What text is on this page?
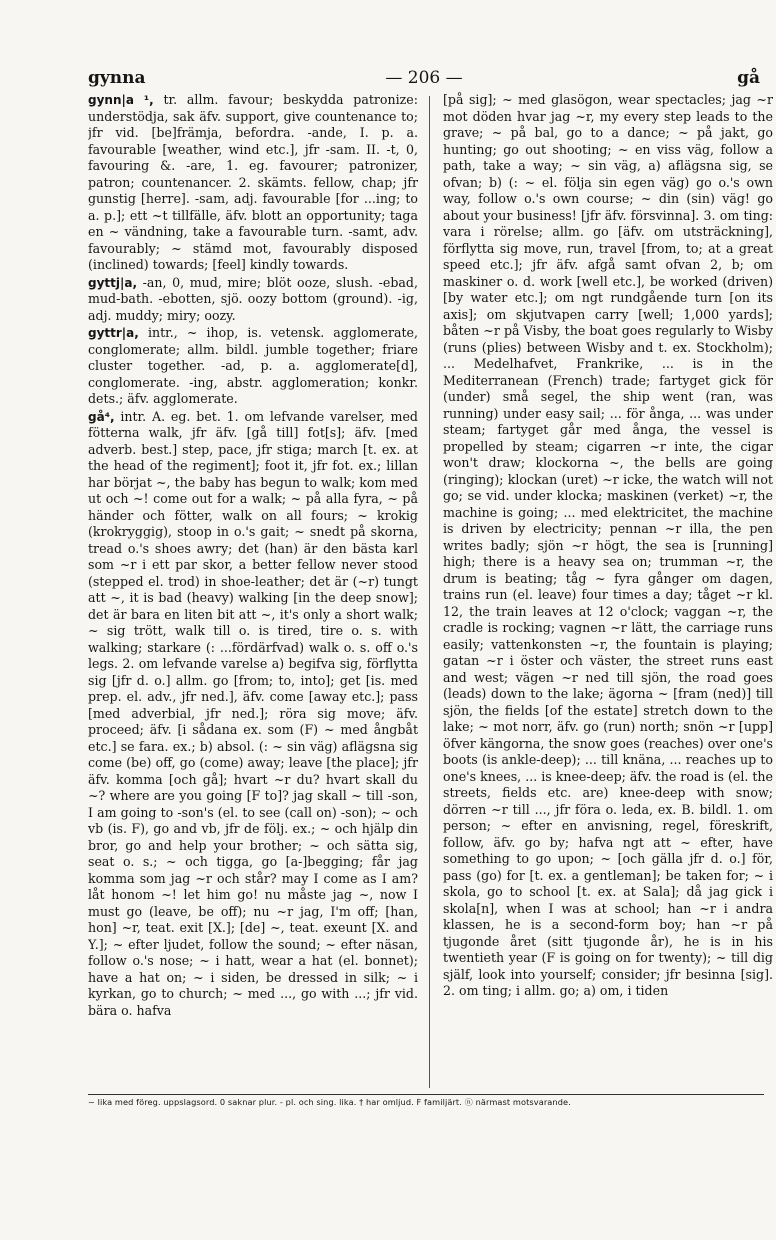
gynna	— 206 —	gå

gynn|a ¹, tr. allm. favour; beskydda patronize: understödja, sak äfv. support, give countenance to; jfr vid. [be]främja, befordra. -ande, I. p. a. favourable [weather, wind etc.], jfr -sam. II. -t, 0, favouring &. -are, 1. eg. favourer; patronizer, patron; countenancer. 2. skämts. fellow, chap; jfr gunstig [herre]. -sam, adj. favourable [for ...ing; to a. p.]; ett ~t tillfälle, äfv. blott an opportunity; taga en ~ vändning, take a favourable turn. -samt, adv. favourably; ~ stämd mot, favourably disposed (inclined) towards; [feel] kindly towards.

gyttj|a, -an, 0, mud, mire; blöt ooze, slush. -ebad, mud-bath. -ebotten, sjö. oozy bottom (ground). -ig, adj. muddy; miry; oozy.

gyttr|a, intr., ~ ihop, is. vetensk. agglomerate, conglomerate; allm. bildl. jumble together; friare cluster together. -ad, p. a. agglomerate[d], conglomerate. -ing, abstr. agglomeration; konkr. dets.; äfv. agglomerate.

gå⁴, intr. A. eg. bet. 1. om lefvande varelser, med fötterna walk, jfr äfv. [gå till] fot[s]; äfv. [med adverb. best.] step, pace, jfr stiga; march [t. ex. at the head of the regiment]; foot it, jfr fot. ex.; lillan har börjat ~, the baby has begun to walk; kom med ut och ~! come out for a walk; ~ på alla fyra, ~ på händer och fötter, walk on all fours; ~ krokig (krokryggig), stoop in o.'s gait; ~ snedt på skorna, tread o.'s shoes awry; det (han) är den bästa karl som ~r i ett par skor, a better fellow never stood (stepped el. trod) in shoe-leather; det är (~r) tungt att ~, it is bad (heavy) walking [in the deep snow]; det är bara en liten bit att ~, it's only a short walk; ~ sig trött, walk till o. is tired, tire o. s. with walking; starkare (: ...fördärfvad) walk o. s. off o.'s legs. 2. om lefvande varelse a) begifva sig, förflytta sig [jfr d. o.] allm. go [from; to, into]; get [is. med prep. el. adv., jfr ned.], äfv. come [away etc.]; pass [med adverbial, jfr ned.]; röra sig move; äfv. proceed; äfv. [i sådana ex. som (F) ~ med ångbåt etc.] se fara. ex.; b) absol. (: ~ sin väg) aflägsna sig come (be) off, go (come) away; leave [the place]; jfr äfv. komma [och gå]; hvart ~r du? hvart skall du ~? where are you going [F to]? jag skall ~ till -son, I am going to -son's (el. to see (call on) -son); ~ och vb (is. F), go and vb, jfr de följ. ex.; ~ och hjälp din bror, go and help your brother; ~ och sätta sig, seat o. s.; ~ och tigga, go [a-]begging; får jag komma som jag ~r och står? may I come as I am? låt honom ~! let him go! nu måste jag ~, now I must go (leave, be off); nu ~r jag, I'm off; [han, hon] ~r, teat. exit [X.]; [de] ~, teat. exeunt [X. and Y.]; ~ efter ljudet, follow the sound; ~ efter näsan, follow o.'s nose; ~ i hatt, wear a hat (el. bonnet); have a hat on; ~ i siden, be dressed in silk; ~ i kyrkan, go to church; ~ med ..., go with ...; jfr vid. bära o. hafva

[på sig]; ~ med glasögon, wear spectacles; jag ~r mot döden hvar jag ~r, my every step leads to the grave; ~ på bal, go to a dance; ~ på jakt, go hunting; go out shooting; ~ en viss väg, follow a path, take a way; ~ sin väg, a) aflägsna sig, se ofvan; b) (: ~ el. följa sin egen väg) go o.'s own way, follow o.'s own course; ~ din (sin) väg! go about your business! [jfr äfv. försvinna]. 3. om ting: vara i rörelse; allm. go [äfv. om utsträckning], förflytta sig move, run, travel [from, to; at a great speed etc.]; jfr äfv. afgå samt ofvan 2, b; om maskiner o. d. work [well etc.], be worked (driven) [by water etc.]; om ngt rundgående turn [on its axis]; om skjutvapen carry [well; 1,000 yards]; båten ~r på Visby, the boat goes regularly to Wisby (runs (plies) between Wisby and t. ex. Stockholm); ... Medelhafvet, Frankrike, ... is in the Mediterranean (French) trade; fartyget gick för (under) små segel, the ship went (ran, was running) under easy sail; ... för ånga, ... was under steam; fartyget går med ånga, the vessel is propelled by steam; cigarren ~r inte, the cigar won't draw; klockorna ~, the bells are going (ringing); klockan (uret) ~r icke, the watch will not go; se vid. under klocka; maskinen (verket) ~r, the machine is going; ... med elektricitet, the machine is driven by electricity; pennan ~r illa, the pen writes badly; sjön ~r högt, the sea is [running] high; there is a heavy sea on; trumman ~r, the drum is beating; tåg ~ fyra gånger om dagen, trains run (el. leave) four times a day; tåget ~r kl. 12, the train leaves at 12 o'clock; vaggan ~r, the cradle is rocking; vagnen ~r lätt, the carriage runs easily; vattenkonsten ~r, the fountain is playing; gatan ~r i öster och väster, the street runs east and west; vägen ~r ned till sjön, the road goes (leads) down to the lake; ägorna ~ [fram (ned)] till sjön, the fields [of the estate] stretch down to the lake; ~ mot norr, äfv. go (run) north; snön ~r [upp] öfver kängorna, the snow goes (reaches) over one's boots (is ankle-deep); ... till knäna, ... reaches up to one's knees, ... is knee-deep; äfv. the road is (el. the streets, fields etc. are) knee-deep with snow; dörren ~r till ..., jfr föra o. leda, ex. B. bildl. 1. om person; ~ efter en anvisning, regel, föreskrift, follow, äfv. go by; hafva ngt att ~ efter, have something to go upon; ~ [och gälla jfr d. o.] för, pass (go) for [t. ex. a gentleman]; be taken for; ~ i skola, go to school [t. ex. at Sala]; då jag gick i skola[n], when I was at school; han ~r i andra klassen, he is a second-form boy; han ~r på tjugonde året (sitt tjugonde år), he is in his twentieth year (F is going on for twenty); ~ till dig själf, look into yourself; consider; jfr besinna [sig]. 2. om ting; i allm. go; a) om, i tiden

~ lika med föreg. uppslagsord. 0 saknar plur. - pl. och sing. lika. † har omljud. F familjärt. ⓝ närmast motsvarande.
